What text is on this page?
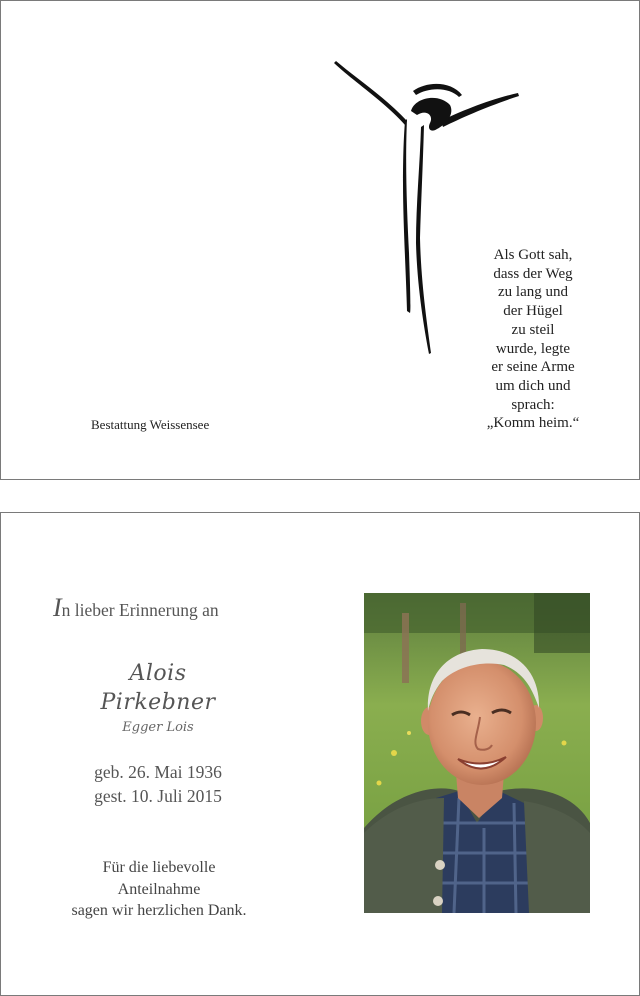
Als Gott sah,
dass der Weg
zu lang und
der Hügel
zu steil
wurde, legte
er seine Arme
um dich und
sprach:
„Komm heim.“
Bestattung Weissensee
In lieber Erinnerung an
Alois
Pirkebner
Egger Lois
geb. 26. Mai 1936
gest. 10. Juli 2015
Für die liebevolle
Anteilnahme
sagen wir herzlichen Dank.
